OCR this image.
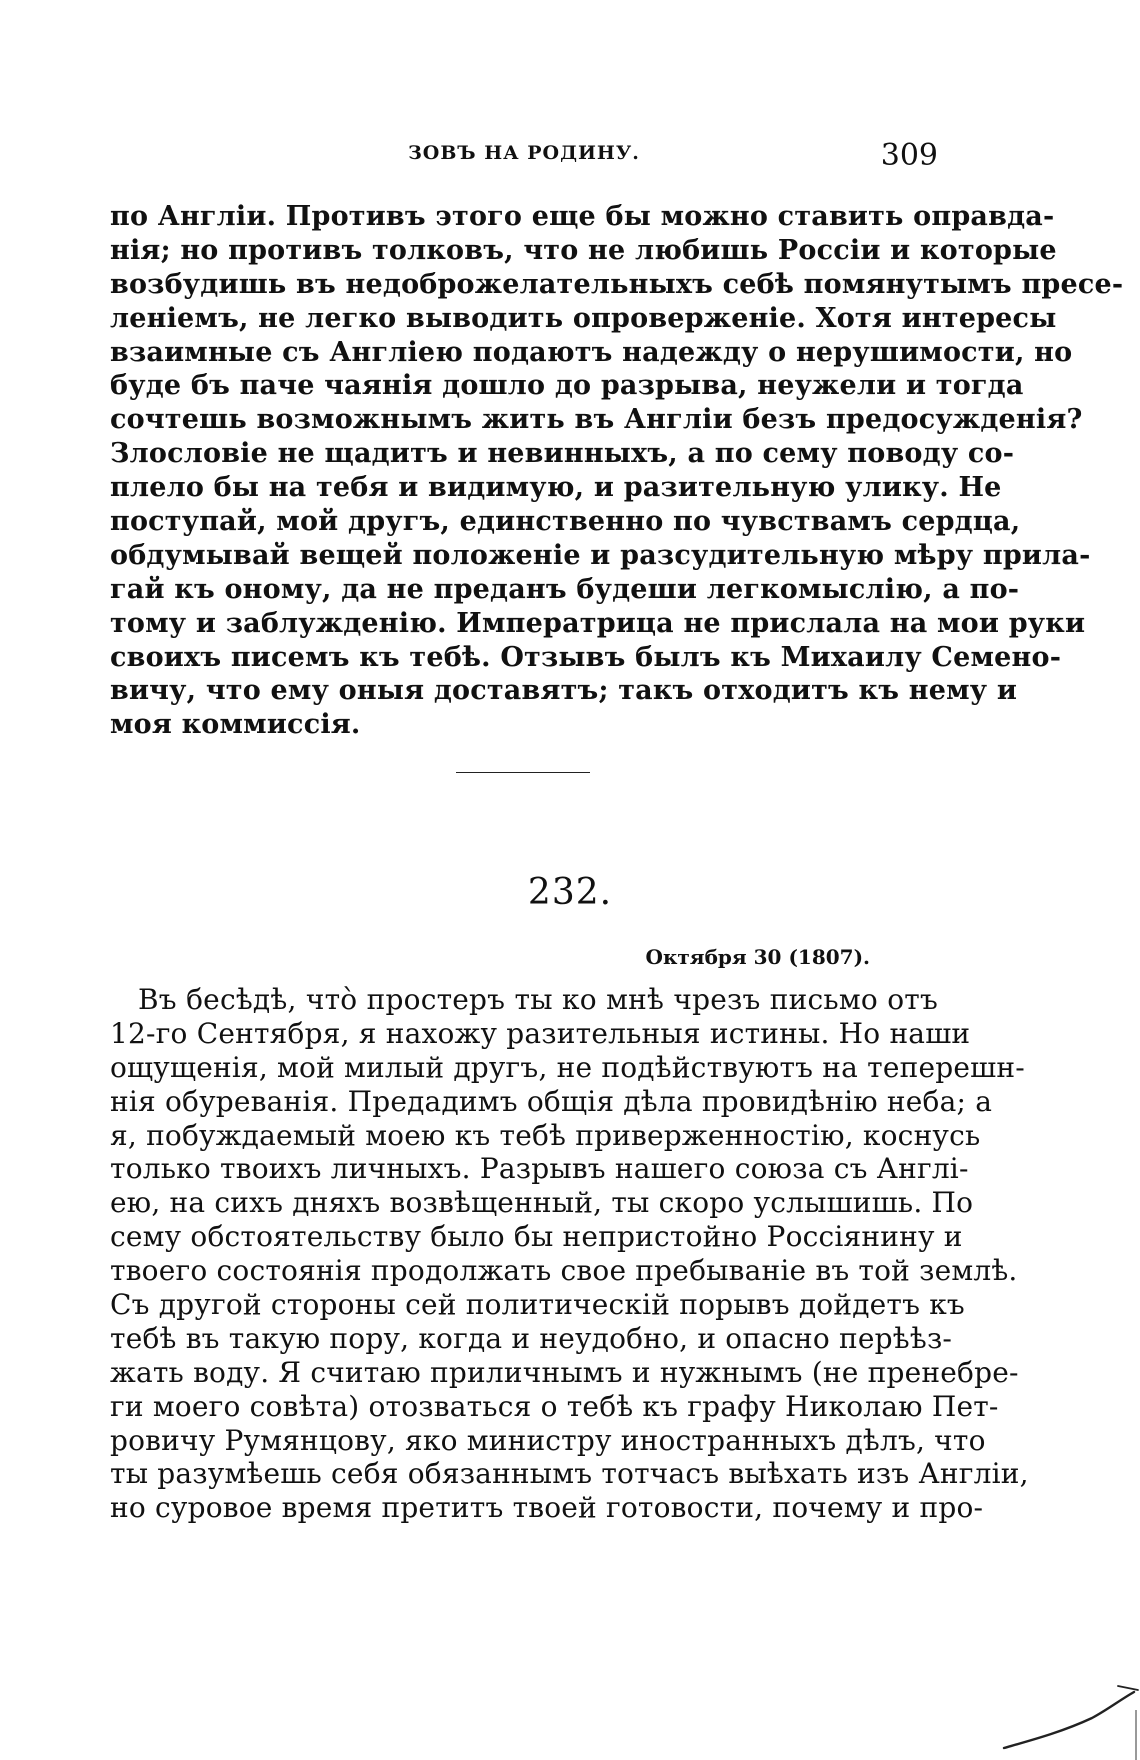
ЗОВЪ НА РОДИНУ.	309
по Англіи. Противъ этого еще бы можно ставить оправда-
нія; но противъ толковъ, что не любишь Россіи и которые
возбудишь въ недоброжелательныхъ себѣ помянутымъ пресе-
леніемъ, не легко выводить опроверженіе. Хотя интересы
взаимные съ Англіею подаютъ надежду о нерушимости, но
буде бъ паче чаянія дошло до разрыва, неужели и тогда
сочтешь возможнымъ жить въ Англіи безъ предосужденія?
Злословіе не щадитъ и невинныхъ, а по сему поводу со-
плело бы на тебя и видимую, и разительную улику. Не
поступай, мой другъ, единственно по чувствамъ сердца,
обдумывай вещей положеніе и разсудительную мѣру прила-
гай къ оному, да не преданъ будеши легкомыслію, а по-
тому и заблужденію. Императрица не прислала на мои руки
своихъ писемъ къ тебѣ. Отзывъ былъ къ Михаилу Семено-
вичу, что ему оныя доставятъ; такъ отходитъ къ нему и
моя коммиссія.
232.
Октября 30 (1807).
Въ бесѣдѣ, что̀ простеръ ты ко мнѣ чрезъ письмо отъ
12-го Сентября, я нахожу разительныя истины. Но наши
ощущенія, мой милый другъ, не подѣйствуютъ на теперешн-
нія обуреванія. Предадимъ общія дѣла провидѣнію неба; а
я, побуждаемый моею къ тебѣ приверженностію, коснусь
только твоихъ личныхъ. Разрывъ нашего союза съ Англі-
ею, на сихъ дняхъ возвѣщенный, ты скоро услышишь. По
сему обстоятельству было бы непристойно Россіянину и
твоего состоянія продолжать свое пребываніе въ той землѣ.
Съ другой стороны сей политическій порывъ дойдетъ къ
тебѣ въ такую пору, когда и неудобно, и опасно перѣѣз-
жать воду. Я считаю приличнымъ и нужнымъ (не пренебре-
ги моего совѣта) отозваться о тебѣ къ графу Николаю Пет-
ровичу Румянцову, яко министру иностранныхъ дѣлъ, что
ты разумѣешь себя обязаннымъ тотчасъ выѣхать изъ Англіи,
но суровое время претитъ твоей готовости, почему и про-
